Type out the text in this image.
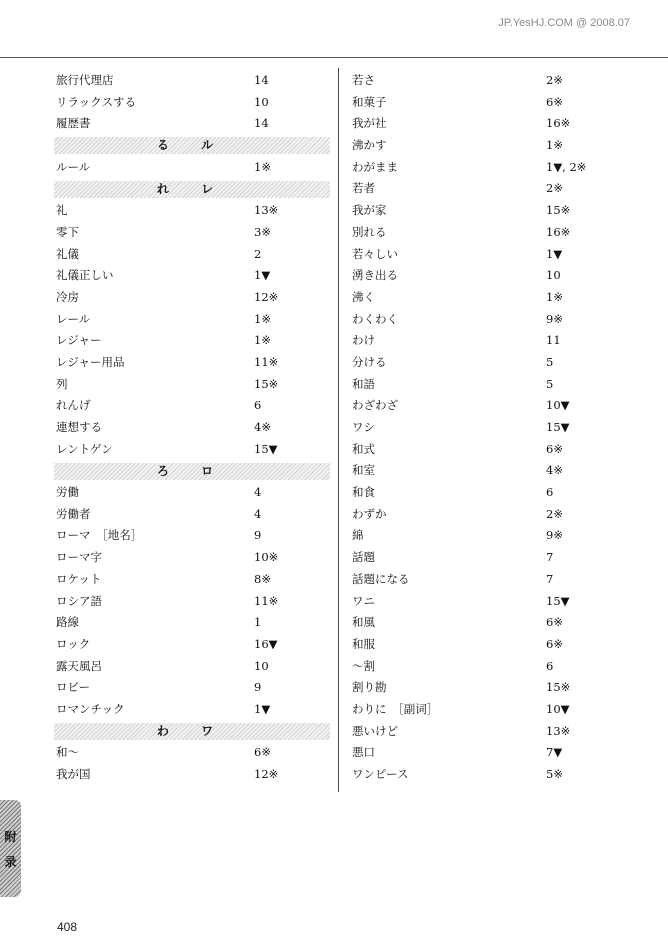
JP.YesHJ.COM @ 2008.07
旅行代理店	14
リラックスする	10
履歴書	14
る ル
ルール	1※
れ レ
礼	13※
零下	3※
礼儀	2
礼儀正しい	1▼
冷房	12※
レール	1※
レジャー	1※
レジャー用品	11※
列	15※
れんげ	6
連想する	4※
レントゲン	15▼
ろ ロ
労働	4
労働者	4
ローマ　［地名］	9
ローマ字	10※
ロケット	8※
ロシア語	11※
路線	1
ロック	16▼
露天風呂	10
ロビー	9
ロマンチック	1▼
わ ワ
和〜	6※
我が国	12※
若さ	2※
和菓子	6※
我が社	16※
沸かす	1※
わがまま	1▼, 2※
若者	2※
我が家	15※
別れる	16※
若々しい	1▼
湧き出る	10
沸く	1※
わくわく	9※
わけ	11
分ける	5
和語	5
わざわざ	10▼
ワシ	15▼
和式	6※
和室	4※
和食	6
わずか	2※
綿	9※
話題	7
話題になる	7
ワニ	15▼
和風	6※
和服	6※
〜割	6
割り勘	15※
わりに　［副词］	10▼
悪いけど	13※
悪口	7▼
ワンピース	5※
附
录
408
